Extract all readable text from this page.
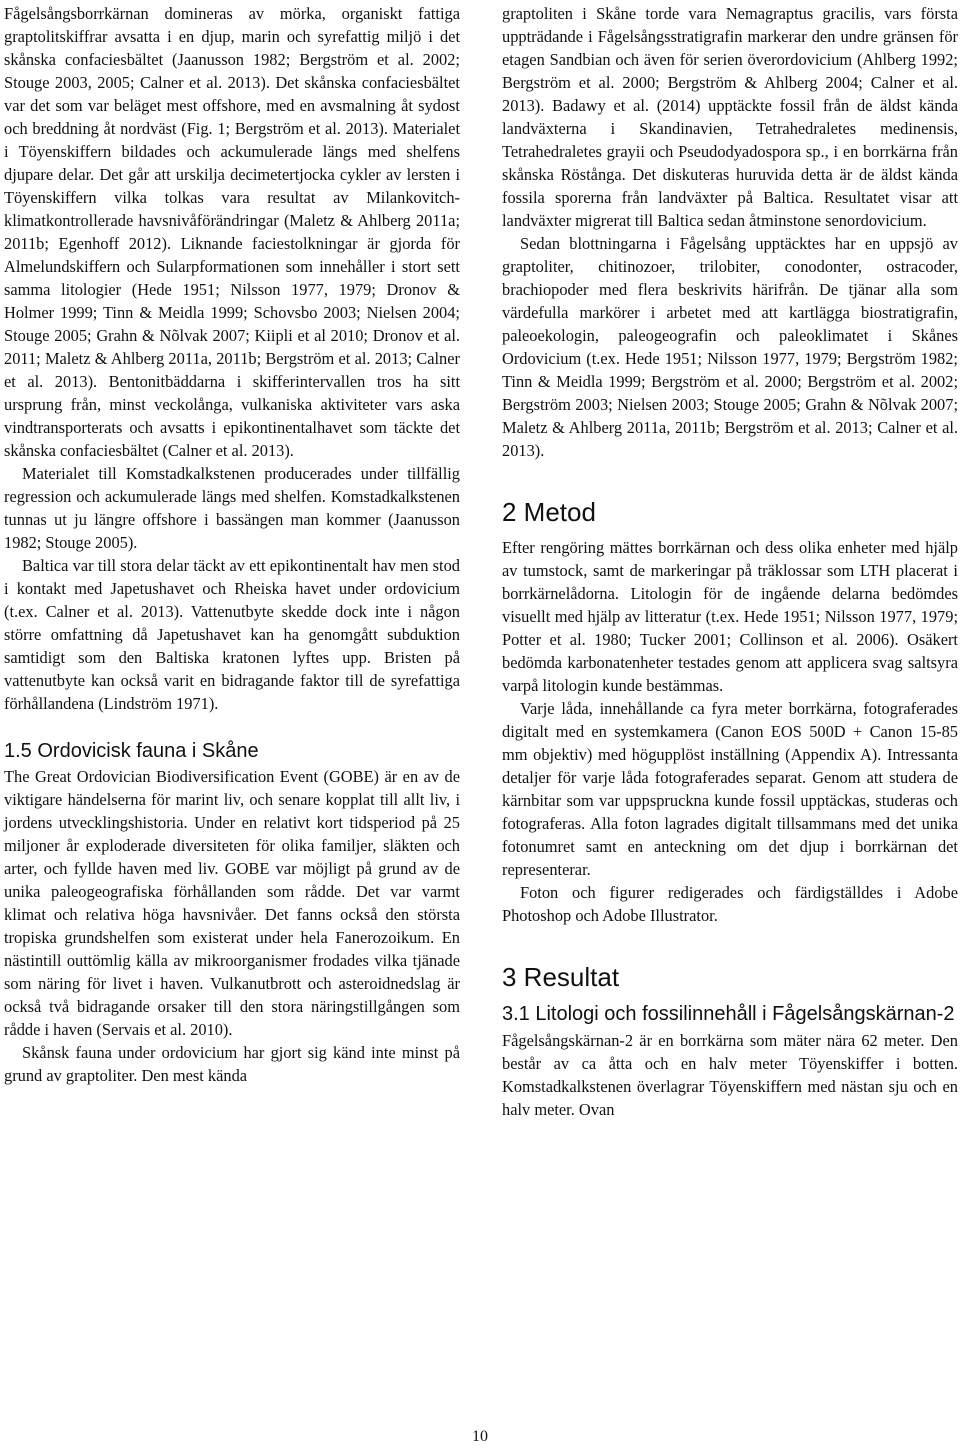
Fågelsångsborrkärnan domineras av mörka, organiskt fattiga graptolitskiffrar avsatta i en djup, marin och syrefattig miljö i det skånska confaciesbältet (Jaanusson 1982; Bergström et al. 2002; Stouge 2003, 2005; Calner et al. 2013). Det skånska confaciesbältet var det som var beläget mest offshore, med en avsmalning åt sydost och breddning åt nordväst (Fig. 1; Bergström et al. 2013). Materialet i Töyenskiffern bildades och ackumulerade längs med shelfens djupare delar. Det går att urskilja decimetertjocka cykler av lersten i Töyenskiffern vilka tolkas vara resultat av Milankovitch-klimatkontrollerade havsnivåförändringar (Maletz & Ahlberg 2011a; 2011b; Egenhoff 2012). Liknande faciestolkningar är gjorda för Almelundskiffern och Sularpformationen som innehåller i stort sett samma litologier (Hede 1951; Nilsson 1977, 1979; Dronov & Holmer 1999; Tinn & Meidla 1999; Schovsbo 2003; Nielsen 2004; Stouge 2005; Grahn & Nõlvak 2007; Kiipli et al 2010; Dronov et al. 2011; Maletz & Ahlberg 2011a, 2011b; Bergström et al. 2013; Calner et al. 2013). Bentonitbäddarna i skifferintervallen tros ha sitt ursprung från, minst veckolånga, vulkaniska aktiviteter vars aska vindtransporterats och avsatts i epikontinentalhavet som täckte det skånska confaciesbältet (Calner et al. 2013).

Materialet till Komstadkalkstenen producerades under tillfällig regression och ackumulerade längs med shelfen. Komstadkalkstenen tunnas ut ju längre offshore i bassängen man kommer (Jaanusson 1982; Stouge 2005).

Baltica var till stora delar täckt av ett epikontinentalt hav men stod i kontakt med Japetushavet och Rheiska havet under ordovicium (t.ex. Calner et al. 2013). Vattenutbyte skedde dock inte i någon större omfattning då Japetushavet kan ha genomgått subduktion samtidigt som den Baltiska kratonen lyftes upp. Bristen på vattenutbyte kan också varit en bidragande faktor till de syrefattiga förhållandena (Lindström 1971).

1.5 Ordovicisk fauna i Skåne

The Great Ordovician Biodiversification Event (GOBE) är en av de viktigare händelserna för marint liv, och senare kopplat till allt liv, i jordens utvecklingshistoria. Under en relativt kort tidsperiod på 25 miljoner år exploderade diversiteten för olika familjer, släkten och arter, och fyllde haven med liv. GOBE var möjligt på grund av de unika paleogeografiska förhållanden som rådde. Det var varmt klimat och relativa höga havsnivåer. Det fanns också den största tropiska grundshelfen som existerat under hela Fanerozoikum. En nästintill outtömlig källa av mikroorganismer frodades vilka tjänade som näring för livet i haven. Vulkanutbrott och asteroidnedslag är också två bidragande orsaker till den stora näringstillgången som rådde i haven (Servais et al. 2010).

Skånsk fauna under ordovicium har gjort sig känd inte minst på grund av graptoliter. Den mest kända

graptoliten i Skåne torde vara Nemagraptus gracilis, vars första uppträdande i Fågelsångsstratigrafin markerar den undre gränsen för etagen Sandbian och även för serien överordovicium (Ahlberg 1992; Bergström et al. 2000; Bergström & Ahlberg 2004; Calner et al. 2013). Badawy et al. (2014) upptäckte fossil från de äldst kända landväxterna i Skandinavien, Tetrahedraletes medinensis, Tetrahedraletes grayii och Pseudodyadospora sp., i en borrkärna från skånska Röstånga. Det diskuteras huruvida detta är de äldst kända fossila sporerna från landväxter på Baltica. Resultatet visar att landväxter migrerat till Baltica sedan åtminstone senordovicium.

Sedan blottningarna i Fågelsång upptäcktes har en uppsjö av graptoliter, chitinozoer, trilobiter, conodonter, ostracoder, brachiopoder med flera beskrivits härifrån. De tjänar alla som värdefulla markörer i arbetet med att kartlägga biostratigrafin, paleoekologin, paleogeografin och paleoklimatet i Skånes Ordovicium (t.ex. Hede 1951; Nilsson 1977, 1979; Bergström 1982; Tinn & Meidla 1999; Bergström et al. 2000; Bergström et al. 2002; Bergström 2003; Nielsen 2003; Stouge 2005; Grahn & Nõlvak 2007; Maletz & Ahlberg 2011a, 2011b; Bergström et al. 2013; Calner et al. 2013).

2 Metod

Efter rengöring mättes borrkärnan och dess olika enheter med hjälp av tumstock, samt de markeringar på träklossar som LTH placerat i borrkärnelådorna. Litologin för de ingående delarna bedömdes visuellt med hjälp av litteratur (t.ex. Hede 1951; Nilsson 1977, 1979; Potter et al. 1980; Tucker 2001; Collinson et al. 2006). Osäkert bedömda karbonatenheter testades genom att applicera svag saltsyra varpå litologin kunde bestämmas.

Varje låda, innehållande ca fyra meter borrkärna, fotograferades digitalt med en systemkamera (Canon EOS 500D + Canon 15-85 mm objektiv) med högupplöst inställning (Appendix A). Intressanta detaljer för varje låda fotograferades separat. Genom att studera de kärnbitar som var uppsprucknа kunde fossil upptäckas, studeras och fotograferas. Alla foton lagrades digitalt tillsammans med det unika fotonumret samt en anteckning om det djup i borrkärnan det representerar.

Foton och figurer redigerades och färdigställdes i Adobe Photoshop och Adobe Illustrator.

3 Resultat
3.1 Litologi och fossilinnehåll i Fågelsångskärnan-2

Fågelsångskärnan-2 är en borrkärna som mäter nära 62 meter. Den består av ca åtta och en halv meter Töyenskiffer i botten. Komstadkalkstenen överlagrar Töyenskiffern med nästan sju och en halv meter. Ovan

10
